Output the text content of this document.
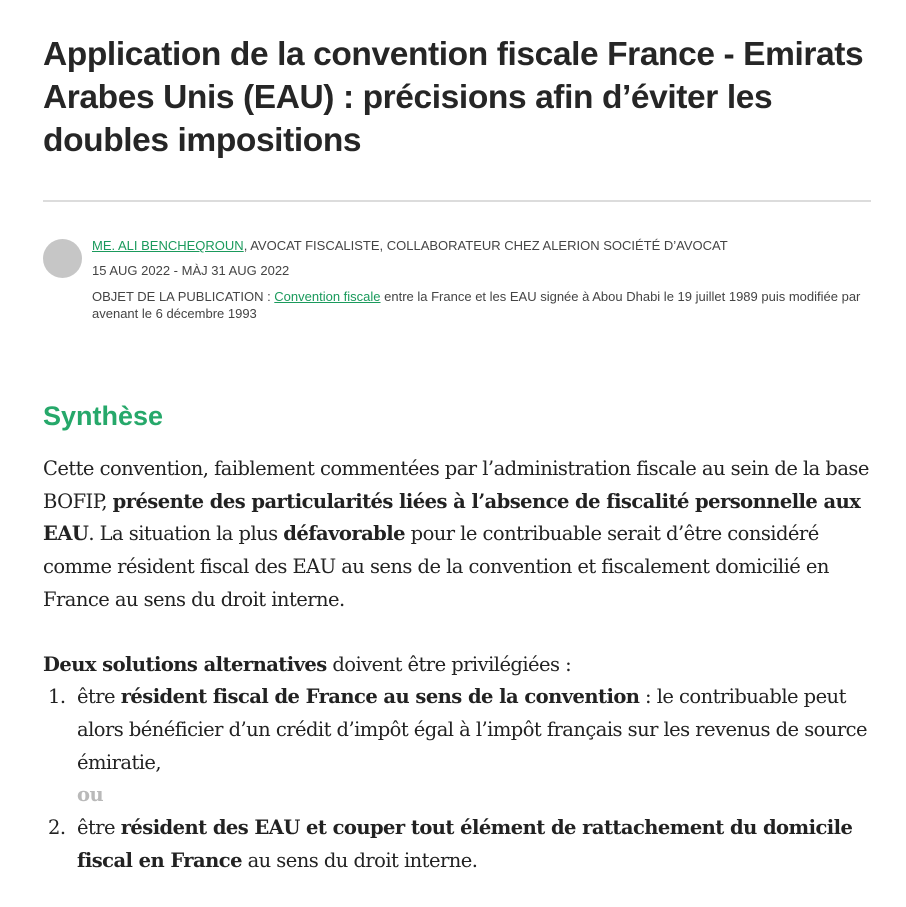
Application de la convention fiscale France - Emirats Arabes Unis (EAU) : précisions afin d’éviter les doubles impositions
ME. ALI BENCHEQROUN, AVOCAT FISCALISTE, COLLABORATEUR CHEZ ALERION SOCIÉTÉ D’AVOCAT
15 AUG 2022 - MÀJ 31 AUG 2022
OBJET DE LA PUBLICATION : Convention fiscale entre la France et les EAU signée à Abou Dhabi le 19 juillet 1989 puis modifiée par avenant le 6 décembre 1993
Synthèse

Cette convention, faiblement commentées par l’administration fiscale au sein de la base BOFIP, présente des particularités liées à l’absence de fiscalité personnelle aux EAU. La situation la plus défavorable pour le contribuable serait d’être considéré comme résident fiscal des EAU au sens de la convention et fiscalement domicilié en France au sens du droit interne.

Deux solutions alternatives doivent être privilégiées :
1. être résident fiscal de France au sens de la convention : le contribuable peut alors bénéficier d’un crédit d’impôt égal à l’impôt français sur les revenus de source émiratie,
ou
2. être résident des EAU et couper tout élément de rattachement du domicile fiscal en France au sens du droit interne.
